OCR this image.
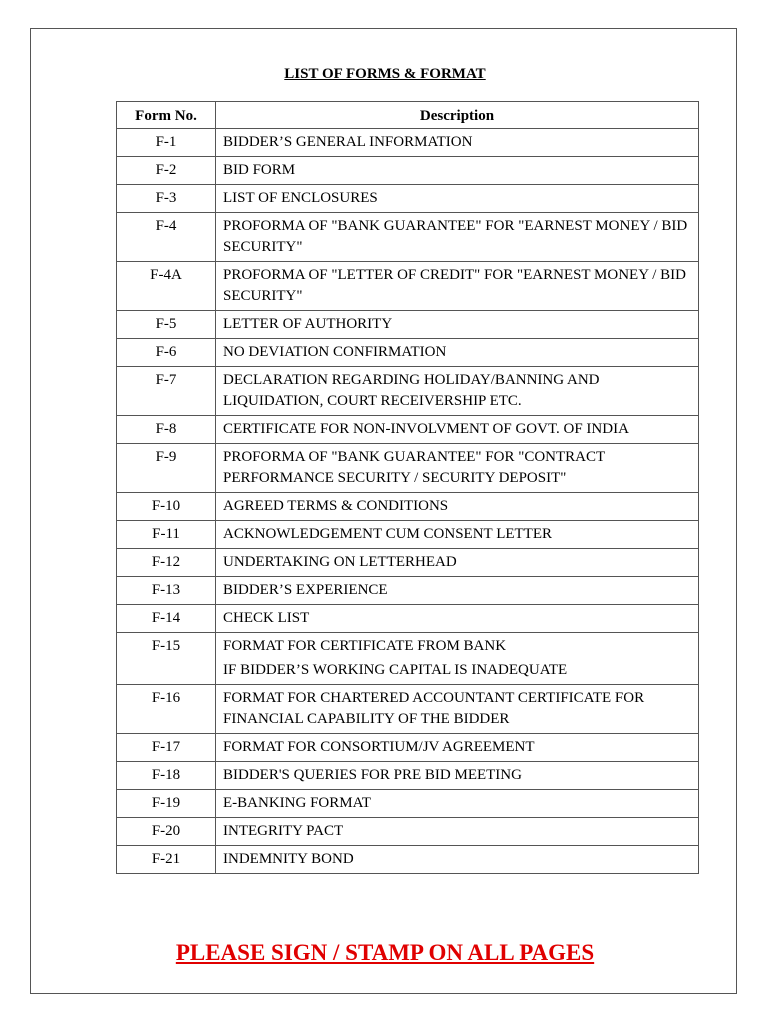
LIST OF FORMS & FORMAT
Form No.	Description
F-1	BIDDER’S GENERAL INFORMATION
F-2	BID FORM
F-3	LIST OF ENCLOSURES
F-4	PROFORMA OF "BANK GUARANTEE" FOR "EARNEST MONEY / BID SECURITY"
F-4A	PROFORMA OF "LETTER OF CREDIT" FOR "EARNEST MONEY / BID SECURITY"
F-5	LETTER OF AUTHORITY
F-6	NO DEVIATION CONFIRMATION
F-7	DECLARATION REGARDING HOLIDAY/BANNING AND LIQUIDATION, COURT RECEIVERSHIP ETC.
F-8	CERTIFICATE FOR NON-INVOLVMENT OF GOVT. OF INDIA
F-9	PROFORMA OF "BANK GUARANTEE" FOR "CONTRACT PERFORMANCE SECURITY / SECURITY DEPOSIT"
F-10	AGREED TERMS & CONDITIONS
F-11	ACKNOWLEDGEMENT CUM CONSENT LETTER
F-12	UNDERTAKING ON LETTERHEAD
F-13	BIDDER’S EXPERIENCE
F-14	CHECK LIST
F-15	FORMAT FOR CERTIFICATE FROM BANK
IF BIDDER’S WORKING CAPITAL IS INADEQUATE

F-16	FORMAT FOR CHARTERED ACCOUNTANT CERTIFICATE FOR FINANCIAL CAPABILITY OF THE BIDDER
F-17	FORMAT FOR CONSORTIUM/JV AGREEMENT
F-18	BIDDER'S QUERIES FOR PRE BID MEETING
F-19	E-BANKING FORMAT
F-20	INTEGRITY PACT
F-21	INDEMNITY BOND
PLEASE SIGN / STAMP ON ALL PAGES
